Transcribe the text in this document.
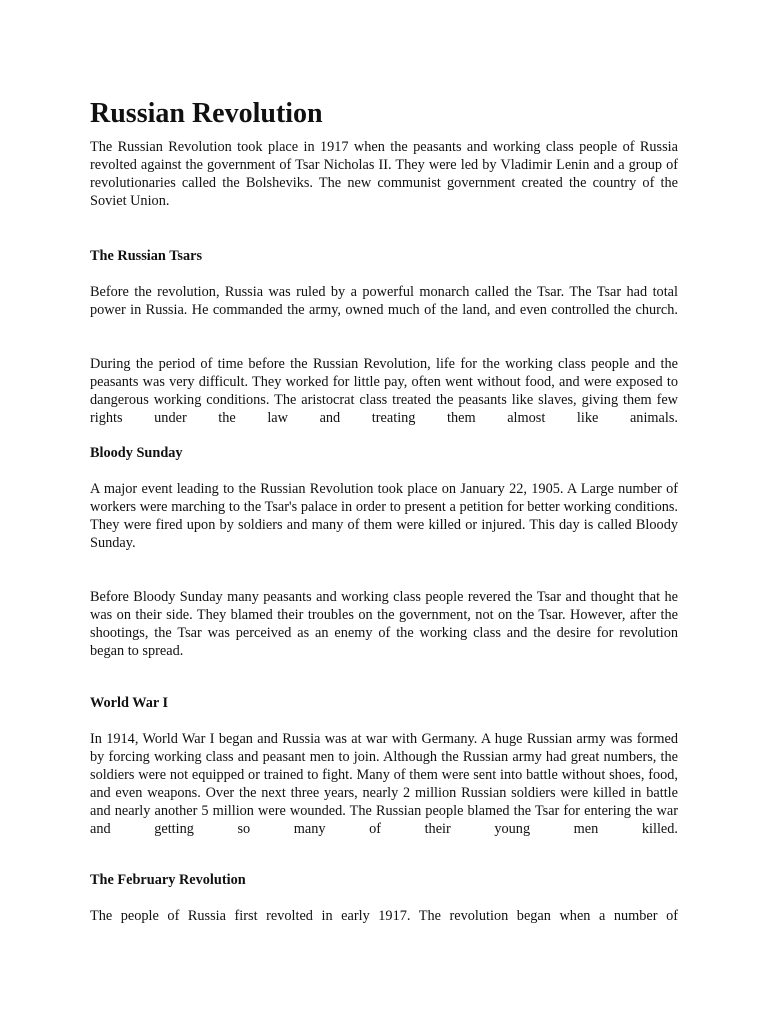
Russian Revolution

The Russian Revolution took place in 1917 when the peasants and working class people of Russia revolted against the government of Tsar Nicholas II. They were led by Vladimir Lenin and a group of revolutionaries called the Bolsheviks. The new communist government created the country of the Soviet Union.

The Russian Tsars

Before the revolution, Russia was ruled by a powerful monarch called the Tsar. The Tsar had total power in Russia. He commanded the army, owned much of the land, and even controlled the church.

During the period of time before the Russian Revolution, life for the working class people and the peasants was very difficult. They worked for little pay, often went without food, and were exposed to dangerous working conditions. The aristocrat class treated the peasants like slaves, giving them few rights under the law and treating them almost like animals.

Bloody Sunday

A major event leading to the Russian Revolution took place on January 22, 1905. A Large number of workers were marching to the Tsar's palace in order to present a petition for better working conditions. They were fired upon by soldiers and many of them were killed or injured. This day is called Bloody Sunday.

Before Bloody Sunday many peasants and working class people revered the Tsar and thought that he was on their side. They blamed their troubles on the government, not on the Tsar. However, after the shootings, the Tsar was perceived as an enemy of the working class and the desire for revolution began to spread.

World War I

In 1914, World War I began and Russia was at war with Germany. A huge Russian army was formed by forcing working class and peasant men to join. Although the Russian army had great numbers, the soldiers were not equipped or trained to fight. Many of them were sent into battle without shoes, food, and even weapons. Over the next three years, nearly 2 million Russian soldiers were killed in battle and nearly another 5 million were wounded. The Russian people blamed the Tsar for entering the war and getting so many of their young men killed.

The February Revolution

The people of Russia first revolted in early 1917. The revolution began when a number of
